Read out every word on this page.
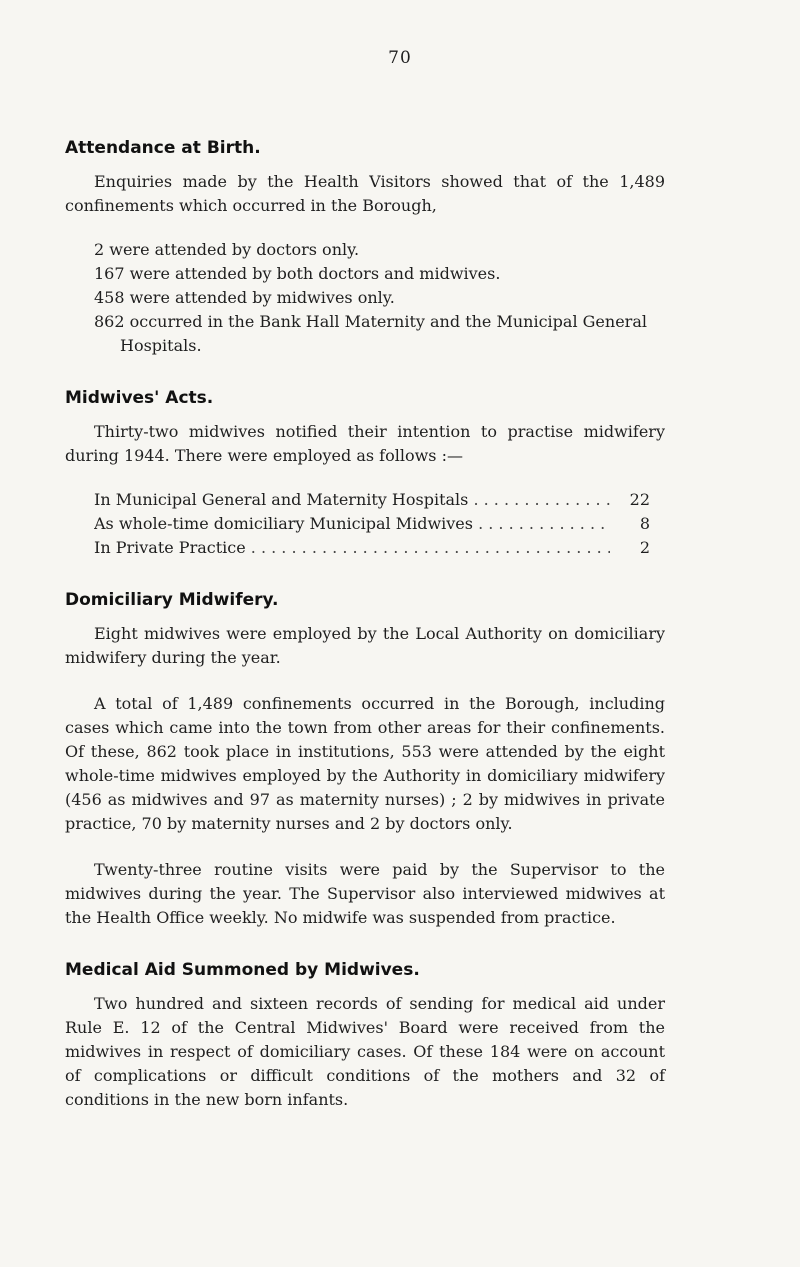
70
Attendance at Birth.

Enquiries made by the Health Visitors showed that of the 1,489 confinements which occurred in the Borough,

2 were attended by doctors only.
167 were attended by both doctors and midwives.
458 were attended by midwives only.
862 occurred in the Bank Hall Maternity and the Municipal General Hospitals.
Midwives' Acts.

Thirty-two midwives notified their intention to practise midwifery during 1944. There were employed as follows :—

In Municipal General and Maternity Hospitals . . .	22
As whole-time domiciliary Municipal Midwives . . .	8
In Private Practice . . .	2
Domiciliary Midwifery.

Eight midwives were employed by the Local Authority on domiciliary midwifery during the year.

A total of 1,489 confinements occurred in the Borough, including cases which came into the town from other areas for their confinements. Of these, 862 took place in institutions, 553 were attended by the eight whole-time midwives employed by the Authority in domiciliary midwifery (456 as midwives and 97 as maternity nurses) ; 2 by midwives in private practice, 70 by maternity nurses and 2 by doctors only.

Twenty-three routine visits were paid by the Supervisor to the midwives during the year. The Supervisor also interviewed midwives at the Health Office weekly. No midwife was suspended from practice.

Medical Aid Summoned by Midwives.

Two hundred and sixteen records of sending for medical aid under Rule E. 12 of the Central Midwives' Board were received from the midwives in respect of domiciliary cases. Of these 184 were on account of complications or difficult conditions of the mothers and 32 of conditions in the new born infants.
